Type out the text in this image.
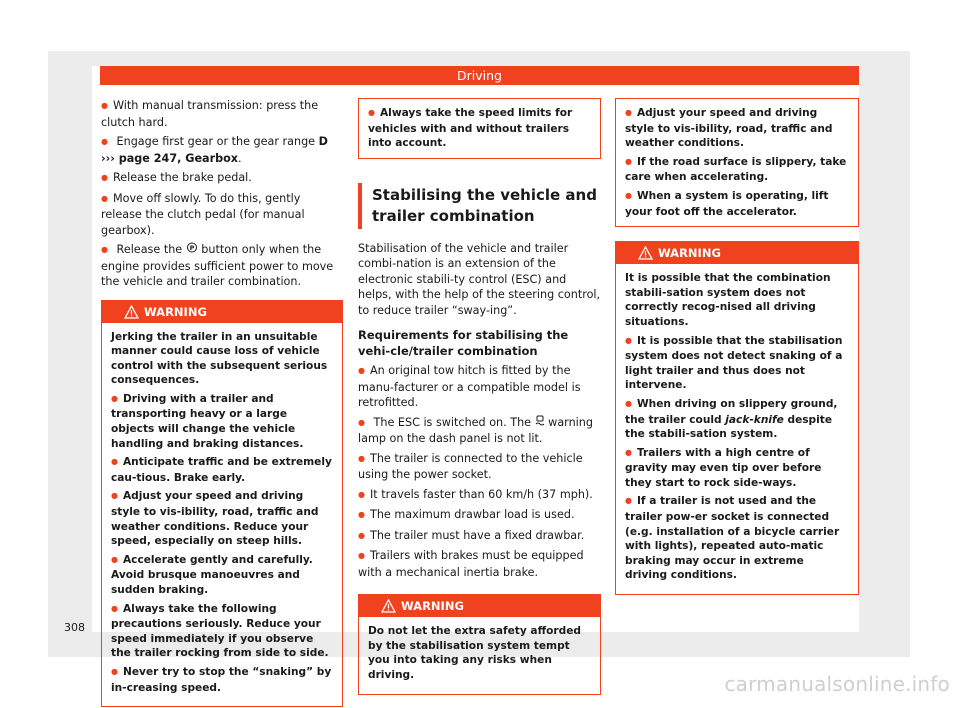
Driving
● With manual transmission: press the clutch hard.
● Engage first gear or the gear range D
››› page 247, Gearbox.
● Release the brake pedal.
● Move off slowly. To do this, gently release the clutch pedal (for manual gearbox).
● Release the P button only when the engine provides sufficient power to move the vehicle and trailer combination.
WARNING
Jerking the trailer in an unsuitable manner could cause loss of vehicle control with the subsequent serious consequences.
● Driving with a trailer and transporting heavy or a large objects will change the vehicle handling and braking distances.
● Anticipate traffic and be extremely cau-tious. Brake early.
● Adjust your speed and driving style to vis-ibility, road, traffic and weather conditions. Reduce your speed, especially on steep hills.
● Accelerate gently and carefully. Avoid brusque manoeuvres and sudden braking.
● Always take the following precautions seriously. Reduce your speed immediately if you observe the trailer rocking from side to side.
● Never try to stop the “snaking” by in-creasing speed.
● Always take the speed limits for vehicles with and without trailers into account.
Stabilising the vehicle and trailer combination
Stabilisation of the vehicle and trailer combi-nation is an extension of the electronic stabili-ty control (ESC) and helps, with the help of the steering control, to reduce trailer “sway-ing”.
Requirements for stabilising the vehi-cle/trailer combination
● An original tow hitch is fitted by the manu-facturer or a compatible model is retrofitted.
● The ESC is switched on. The  warning lamp on the dash panel is not lit.
● The trailer is connected to the vehicle using the power socket.
● It travels faster than 60 km/h (37 mph).
● The maximum drawbar load is used.
● The trailer must have a fixed drawbar.
● Trailers with brakes must be equipped with a mechanical inertia brake.
WARNING
Do not let the extra safety afforded by the stabilisation system tempt you into taking any risks when driving.
● Adjust your speed and driving style to vis-ibility, road, traffic and weather conditions.
● If the road surface is slippery, take care when accelerating.
● When a system is operating, lift your foot off the accelerator.
WARNING
It is possible that the combination stabili-sation system does not correctly recog-nised all driving situations.
● It is possible that the stabilisation system does not detect snaking of a light trailer and thus does not intervene.
● When driving on slippery ground, the trailer could jack-knife despite the stabili-sation system.
● Trailers with a high centre of gravity may even tip over before they start to rock side-ways.
● If a trailer is not used and the trailer pow-er socket is connected (e.g. installation of a bicycle carrier with lights), repeated auto-matic braking may occur in extreme driving conditions.
308
carmanualsonline.info
